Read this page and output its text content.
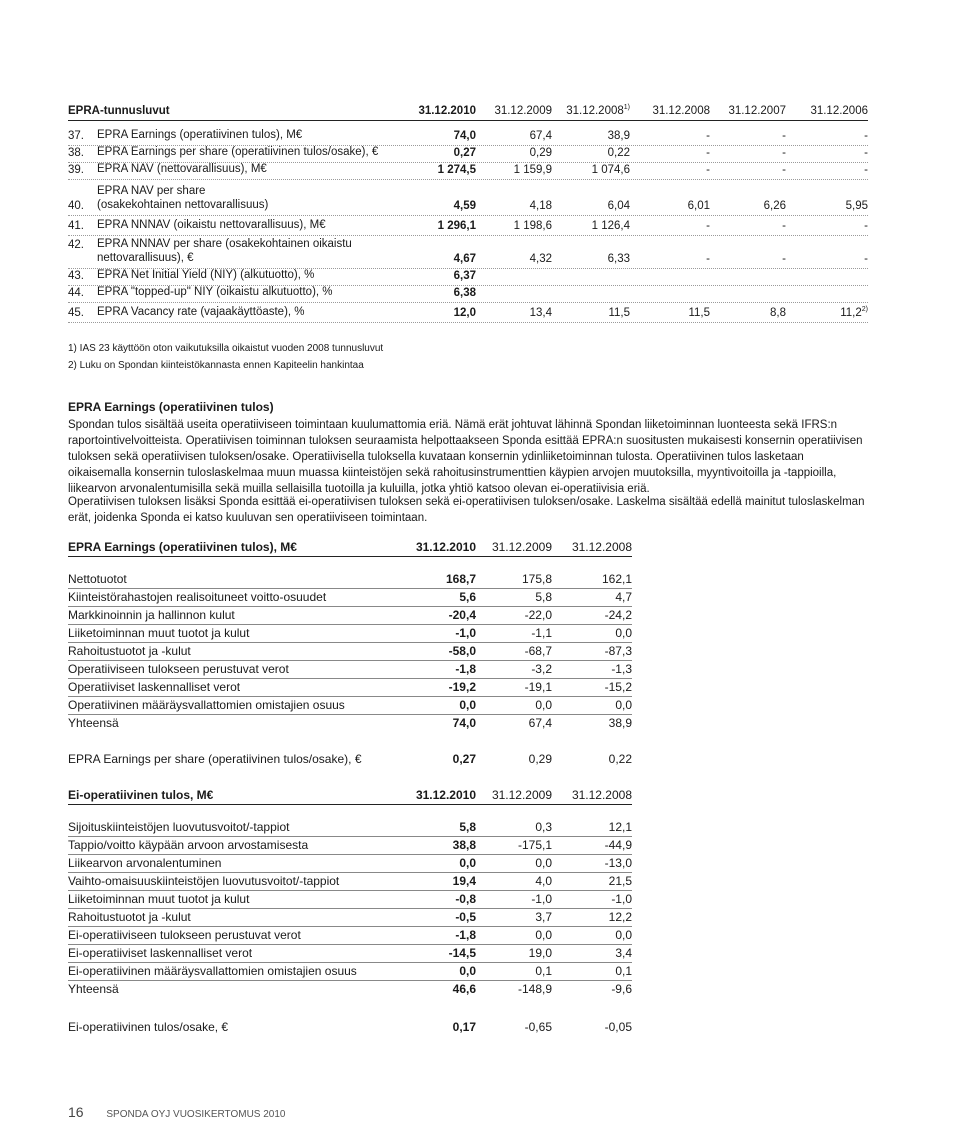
EPRA-tunnusluvut	31.12.2010 31.12.2009 31.12.2008$^{1)}$ 31.12.2008 31.12.2007 31.12.2006
37. EPRA Earnings (operatiivinen tulos), M€	74,0	67,4	38,9	-	-	-
38. EPRA Earnings per share (operatiivinen tulos/osake), €	0,27	0,29	0,22	-	-	-
39. EPRA NAV (nettovarallisuus), M€	1 274,5	1 159,9	1 074,6	-	-	-
40.
EPRA NAV per share
(osakekohtainen nettovarallisuus)	4,59	4,18	6,04	6,01	6,26	5,95
41. EPRA NNNAV (oikaistu nettovarallisuus), M€	1 296,1	1 198,6	1 126,4	-	-	-
42. EPRA NNNAV per share (osakekohtainen oikaistu
nettovarallisuus), €	4,67	4,32	6,33	-	-	-
43. EPRA Net Initial Yield (NIY) (alkutuotto), %	6,37
44. EPRA "topped-up" NIY (oikaistu alkutuotto), %	6,38
45. EPRA Vacancy rate (vajaakäyttöaste), %	12,0	13,4	11,5	11,5	8,8	11,2$^{2)}$
1) IAS 23 käyttöön oton vaikutuksilla oikaistut vuoden 2008 tunnusluvut
2) Luku on Spondan kiinteistökannasta ennen Kapiteelin hankintaa
EPRA Earnings (operatiivinen tulos)

Spondan tulos sisältää useita operatiiviseen toimintaan kuulumattomia eriä. Nämä erät johtuvat lähinnä Spondan liiketoiminnan luonteesta sekä IFRS:n raportointivelvoitteista. Operatiivisen toiminnan tuloksen seuraamista helpottaakseen Sponda esittää EPRA:n suositusten mukaisesti konsernin operatiivisen tuloksen sekä operatiivisen tuloksen/osake. Operatiivisella tuloksella kuvataan konsernin ydinliiketoiminnan tulosta. Operatiivinen tulos lasketaan oikaisemalla konsernin tuloslaskelmaa muun muassa kiinteistöjen sekä rahoitusinstrumenttien käypien arvojen muutoksilla, myyntivoitoilla ja -tappioilla, liikearvon arvonalentumisilla sekä muilla sellaisilla tuotoilla ja kuluilla, jotka yhtiö katsoo olevan ei-operatiivisia eriä.

Operatiivisen tuloksen lisäksi Sponda esittää ei-operatiivisen tuloksen sekä ei-operatiivisen tuloksen/osake. Laskelma sisältää edellä mainitut tuloslaskelman erät, joidenka Sponda ei katso kuuluvan sen operatiiviseen toimintaan.

EPRA Earnings (operatiivinen tulos), M€	31.12.2010 31.12.2009 31.12.2008
Nettotuotot	168,7	175,8	162,1
Kiinteistörahastojen realisoituneet voitto-osuudet	5,6	5,8	4,7
Markkinoinnin ja hallinnon kulut	-20,4	-22,0	-24,2
Liiketoiminnan muut tuotot ja kulut	-1,0	-1,1	0,0
Rahoitustuotot ja -kulut	-58,0	-68,7	-87,3
Operatiiviseen tulokseen perustuvat verot	-1,8	-3,2	-1,3
Operatiiviset laskennalliset verot	-19,2	-19,1	-15,2
Operatiivinen määräysvallattomien omistajien osuus	0,0	0,0	0,0
Yhteensä	74,0	67,4	38,9
EPRA Earnings per share (operatiivinen tulos/osake), €	0,27	0,29	0,22
Ei-operatiivinen tulos, M€	31.12.2010 31.12.2009 31.12.2008
Sijoituskiinteistöjen luovutusvoitot/-tappiot	5,8	0,3	12,1
Tappio/voitto käypään arvoon arvostamisesta	38,8	-175,1	-44,9
Liikearvon arvonalentuminen	0,0	0,0	-13,0
Vaihto-omaisuuskiinteistöjen luovutusvoitot/-tappiot	19,4	4,0	21,5
Liiketoiminnan muut tuotot ja kulut	-0,8	-1,0	-1,0
Rahoitustuotot ja -kulut	-0,5	3,7	12,2
Ei-operatiiviseen tulokseen perustuvat verot	-1,8	0,0	0,0
Ei-operatiiviset laskennalliset verot	-14,5	19,0	3,4
Ei-operatiivinen määräysvallattomien omistajien osuus	0,0	0,1	0,1
Yhteensä	46,6	-148,9	-9,6
Ei-operatiivinen tulos/osake, €	0,17	-0,65	-0,05
16 SPONDA OYJ VUOSIKERTOMUS 2010
